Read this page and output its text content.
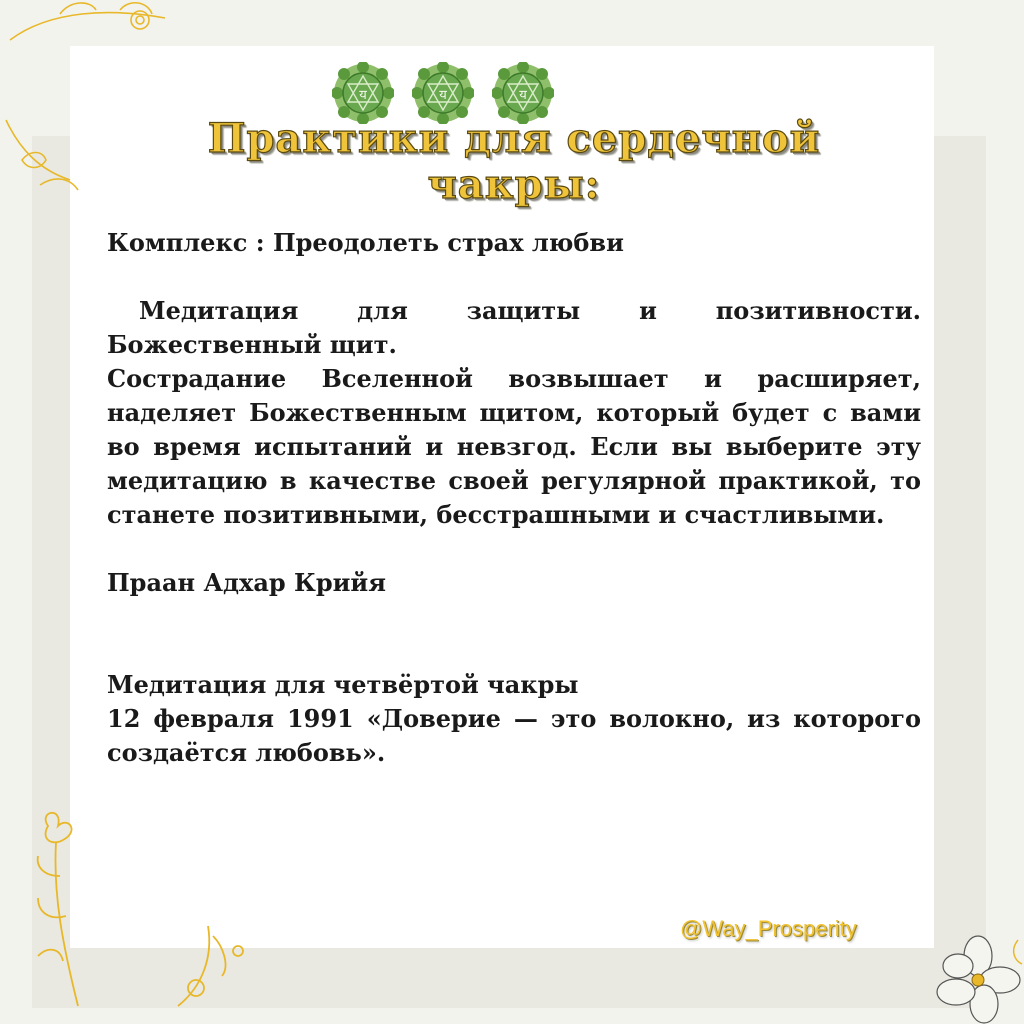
य	य	य
Практики для сердечной
чакры:

Комплекс : Преодолеть страх любви

Медитация для защиты и позитивности. Божественный щит.

Сострадание Вселенной возвышает и расширяет, наделяет Божественным щитом, который будет с вами во время испытаний и невзгод. Если вы выберите эту медитацию в качестве своей регулярной практикой, то станете позитивными, бесстрашными и счастливыми.

Праан Адхар Крийя

Медитация для четвёртой чакры

12 февраля 1991 «Доверие — это волокно, из которого создаётся любовь».

@Way_Prosperity
